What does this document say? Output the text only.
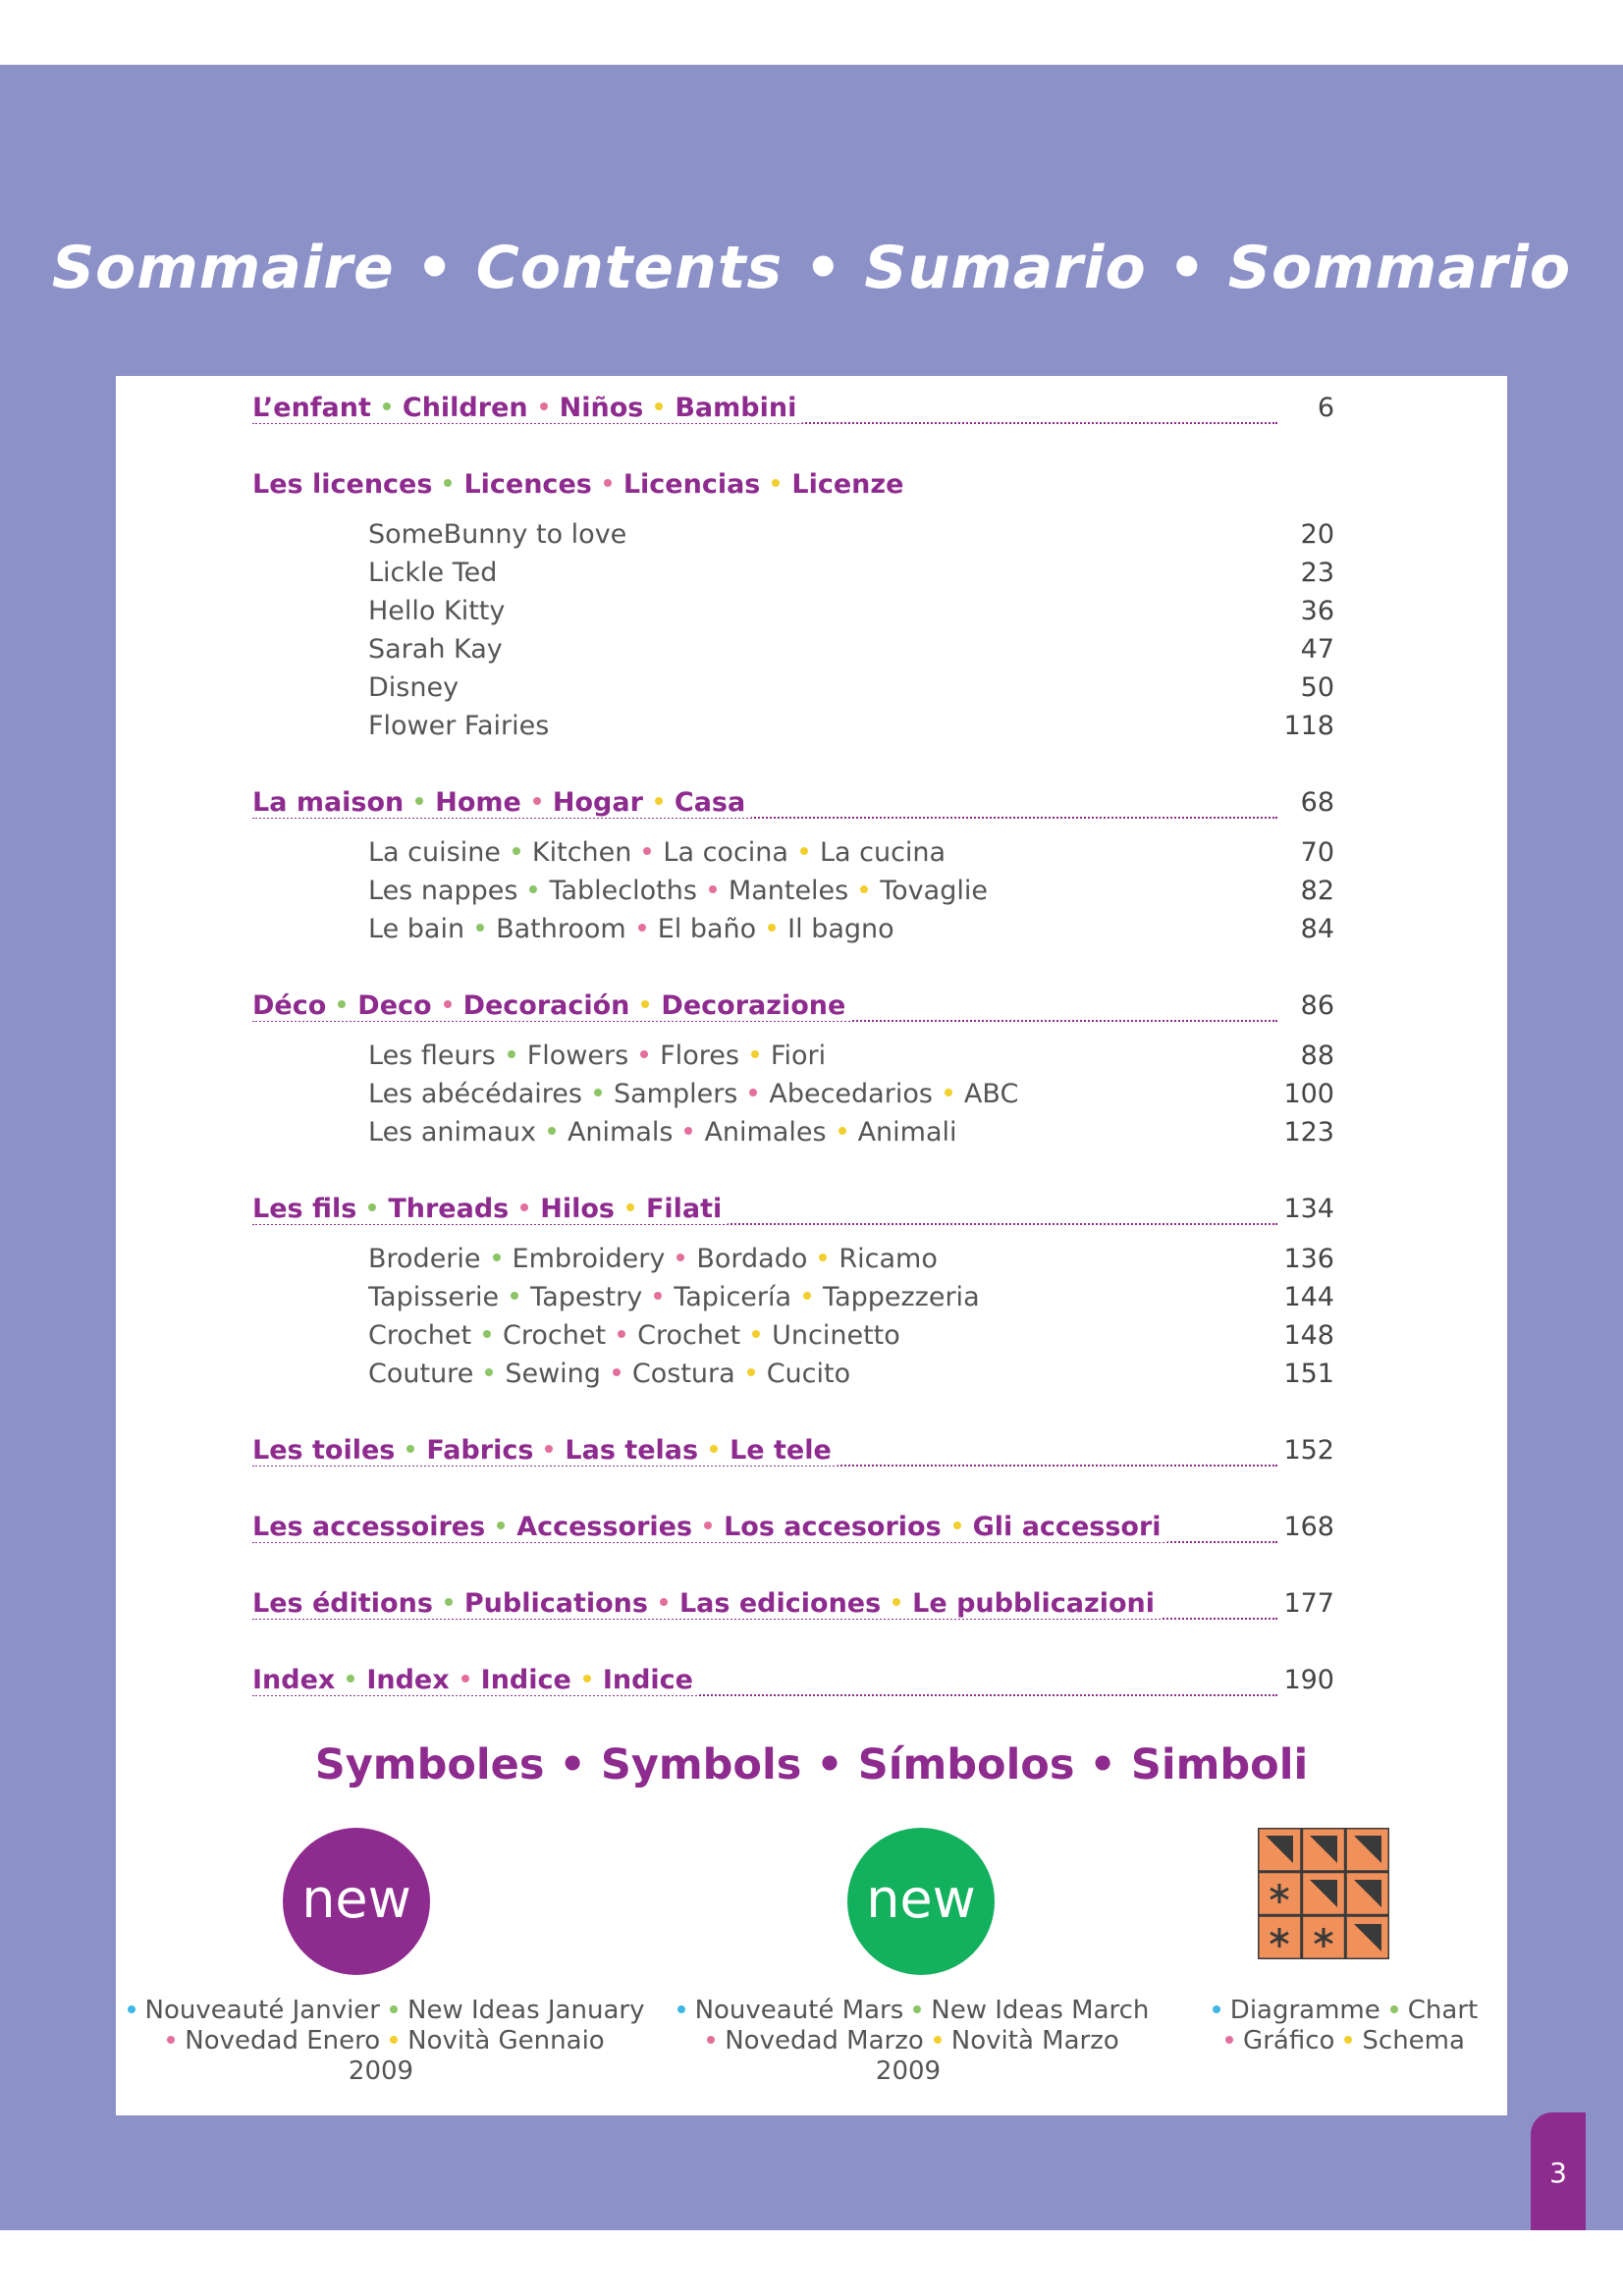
Sommaire • Contents • Sumario • Sommario
L’enfant Children Niños Bambini	6
Les licences Licences Licencias Licenze
SomeBunny to love	20
Lickle Ted	23
Hello Kitty	36
Sarah Kay	47
Disney	50
Flower Fairies	118
La maison Home Hogar Casa	68
La cuisine Kitchen La cocina La cucina	70
Les nappes Tablecloths Manteles Tovaglie	82
Le bain Bathroom El baño Il bagno	84
Déco Deco Decoración Decorazione	86
Les fleurs Flowers Flores Fiori	88
Les abécédaires Samplers Abecedarios ABC	100
Les animaux Animals Animales Animali	123
Les fils Threads Hilos Filati	134
Broderie Embroidery Bordado Ricamo	136
Tapisserie Tapestry Tapicería Tappezzeria	144
Crochet Crochet Crochet Uncinetto	148
Couture Sewing Costura Cucito	151
Les toiles Fabrics Las telas Le tele	152
Les accessoires Accessories Los accesorios Gli accessori	168
Les éditions Publications Las ediciones Le pubblicazioni	177
Index Index Indice Indice	190
Symboles • Symbols • Símbolos • Simboli
new	new
Nouveauté Janvier New Ideas January
Novedad Enero Novità Gennaio
2009
Nouveauté Mars New Ideas March
Novedad Marzo Novità Marzo
2009
Diagramme Chart
Gráfico Schema
3
